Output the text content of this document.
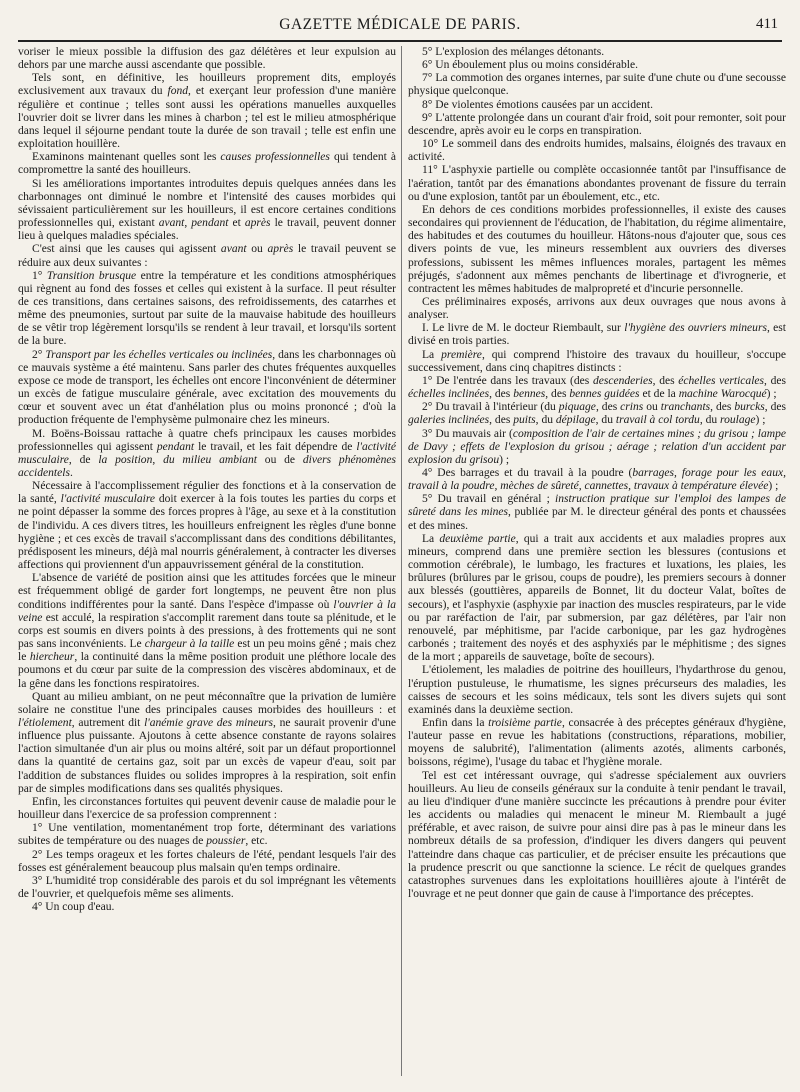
GAZETTE MÉDICALE DE PARIS.	411

voriser le mieux possible la diffusion des gaz délétères et leur expulsion au dehors par une marche aussi ascendante que possible.

Tels sont, en définitive, les houilleurs proprement dits, employés exclusivement aux travaux du fond, et exerçant leur profession d'une manière régulière et continue ; telles sont aussi les opérations manuelles auxquelles l'ouvrier doit se livrer dans les mines à charbon ; tel est le milieu atmosphérique dans lequel il séjourne pendant toute la durée de son travail ; telle est enfin une exploitation houillère.

Examinons maintenant quelles sont les causes professionnelles qui tendent à compromettre la santé des houilleurs.

Si les améliorations importantes introduites depuis quelques années dans les charbonnages ont diminué le nombre et l'intensité des causes morbides qui sévissaient particulièrement sur les houilleurs, il est encore certaines conditions professionnelles qui, existant avant, pendant et après le travail, peuvent donner lieu à quelques maladies spéciales.

C'est ainsi que les causes qui agissent avant ou après le travail peuvent se réduire aux deux suivantes :

1° Transition brusque entre la température et les conditions atmosphériques qui règnent au fond des fosses et celles qui existent à la surface. Il peut résulter de ces transitions, dans certaines saisons, des refroidissements, des catarrhes et même des pneumonies, surtout par suite de la mauvaise habitude des houilleurs de se vêtir trop légèrement lorsqu'ils se rendent à leur travail, et lorsqu'ils sortent de la bure.

2° Transport par les échelles verticales ou inclinées, dans les charbonnages où ce mauvais système a été maintenu. Sans parler des chutes fréquentes auxquelles expose ce mode de transport, les échelles ont encore l'inconvénient de déterminer un excès de fatigue musculaire générale, avec excitation des mouvements du cœur et souvent avec un état d'anhélation plus ou moins prononcé ; d'où la production fréquente de l'emphysème pulmonaire chez les mineurs.

M. Boëns-Boissau rattache à quatre chefs principaux les causes morbides professionnelles qui agissent pendant le travail, et les fait dépendre de l'activité musculaire, de la position, du milieu ambiant ou de divers phénomènes accidentels.

Nécessaire à l'accomplissement régulier des fonctions et à la conservation de la santé, l'activité musculaire doit exercer à la fois toutes les parties du corps et ne point dépasser la somme des forces propres à l'âge, au sexe et à la constitution de l'individu. A ces divers titres, les houilleurs enfreignent les règles d'une bonne hygiène ; et ces excès de travail s'accomplissant dans des conditions débilitantes, prédisposent les mineurs, déjà mal nourris généralement, à contracter les diverses affections qui proviennent d'un appauvrissement général de la constitution.

L'absence de variété de position ainsi que les attitudes forcées que le mineur est fréquemment obligé de garder fort longtemps, ne peuvent être non plus conditions indifférentes pour la santé. Dans l'espèce d'impasse où l'ouvrier à la veine est acculé, la respiration s'accomplit rarement dans toute sa plénitude, et le corps est soumis en divers points à des pressions, à des frottements qui ne sont pas sans inconvénients. Le chargeur à la taille est un peu moins gêné ; mais chez le hiercheur, la continuité dans la même position produit une pléthore locale des poumons et du cœur par suite de la compression des viscères abdominaux, et de la gêne dans les fonctions respiratoires.

Quant au milieu ambiant, on ne peut méconnaître que la privation de lumière solaire ne constitue l'une des principales causes morbides des houilleurs : et l'étiolement, autrement dit l'anémie grave des mineurs, ne saurait provenir d'une influence plus puissante. Ajoutons à cette absence constante de rayons solaires l'action simultanée d'un air plus ou moins altéré, soit par un défaut proportionnel dans la quantité de certains gaz, soit par un excès de vapeur d'eau, soit par l'addition de substances fluides ou solides impropres à la respiration, soit enfin par de simples modifications dans ses qualités physiques.

Enfin, les circonstances fortuites qui peuvent devenir cause de maladie pour le houilleur dans l'exercice de sa profession comprennent :

1° Une ventilation, momentanément trop forte, déterminant des variations subites de température ou des nuages de poussier, etc.

2° Les temps orageux et les fortes chaleurs de l'été, pendant lesquels l'air des fosses est généralement beaucoup plus malsain qu'en temps ordinaire.

3° L'humidité trop considérable des parois et du sol imprégnant les vêtements de l'ouvrier, et quelquefois même ses aliments.

4° Un coup d'eau.

5° L'explosion des mélanges détonants.

6° Un éboulement plus ou moins considérable.

7° La commotion des organes internes, par suite d'une chute ou d'une secousse physique quelconque.

8° De violentes émotions causées par un accident.

9° L'attente prolongée dans un courant d'air froid, soit pour remonter, soit pour descendre, après avoir eu le corps en transpiration.

10° Le sommeil dans des endroits humides, malsains, éloignés des travaux en activité.

11° L'asphyxie partielle ou complète occasionnée tantôt par l'insuffisance de l'aération, tantôt par des émanations abondantes provenant de fissure du terrain ou d'une explosion, tantôt par un éboulement, etc., etc.

En dehors de ces conditions morbides professionnelles, il existe des causes secondaires qui proviennent de l'éducation, de l'habitation, du régime alimentaire, des habitudes et des coutumes du houilleur. Hâtons-nous d'ajouter que, sous ces divers points de vue, les mineurs ressemblent aux ouvriers des diverses professions, subissent les mêmes influences morales, partagent les mêmes préjugés, s'adonnent aux mêmes penchants de libertinage et d'ivrognerie, et contractent les mêmes habitudes de malpropreté et d'incurie personnelle.

Ces préliminaires exposés, arrivons aux deux ouvrages que nous avons à analyser.

I. Le livre de M. le docteur Riembault, sur l'hygiène des ouvriers mineurs, est divisé en trois parties.

La première, qui comprend l'histoire des travaux du houilleur, s'occupe successivement, dans cinq chapitres distincts :

1° De l'entrée dans les travaux (des descenderies, des échelles verticales, des échelles inclinées, des bennes, des bennes guidées et de la machine Warocqué) ;

2° Du travail à l'intérieur (du piquage, des crins ou tranchants, des burcks, des galeries inclinées, des puits, du dépilage, du travail à col tordu, du roulage) ;

3° Du mauvais air (composition de l'air de certaines mines ; du grisou ; lampe de Davy ; effets de l'explosion du grisou ; aérage ; relation d'un accident par explosion du grisou) ;

4° Des barrages et du travail à la poudre (barrages, forage pour les eaux, travail à la poudre, mèches de sûreté, cannettes, travaux à température élevée) ;

5° Du travail en général ; instruction pratique sur l'emploi des lampes de sûreté dans les mines, publiée par M. le directeur général des ponts et chaussées et des mines.

La deuxième partie, qui a trait aux accidents et aux maladies propres aux mineurs, comprend dans une première section les blessures (contusions et commotion cérébrale), le lumbago, les fractures et luxations, les plaies, les brûlures (brûlures par le grisou, coups de poudre), les premiers secours à donner aux blessés (gouttières, appareils de Bonnet, lit du docteur Valat, boîtes de secours), et l'asphyxie (asphyxie par inaction des muscles respirateurs, par le vide ou par raréfaction de l'air, par submersion, par gaz délétères, par l'air non renouvelé, par méphitisme, par l'acide carbonique, par les gaz hydrogènes carbonés ; traitement des noyés et des asphyxiés par le méphitisme ; des signes de la mort ; appareils de sauvetage, boîte de secours).

L'étiolement, les maladies de poitrine des houilleurs, l'hydarthrose du genou, l'éruption pustuleuse, le rhumatisme, les signes précurseurs des maladies, les caisses de secours et les soins médicaux, tels sont les divers sujets qui sont examinés dans la deuxième section.

Enfin dans la troisième partie, consacrée à des préceptes généraux d'hygiène, l'auteur passe en revue les habitations (constructions, réparations, mobilier, moyens de salubrité), l'alimentation (aliments azotés, aliments carbonés, boissons, régime), l'usage du tabac et l'hygiène morale.

Tel est cet intéressant ouvrage, qui s'adresse spécialement aux ouvriers houilleurs. Au lieu de conseils généraux sur la conduite à tenir pendant le travail, au lieu d'indiquer d'une manière succincte les précautions à prendre pour éviter les accidents ou maladies qui menacent le mineur M. Riembault a jugé préférable, et avec raison, de suivre pour ainsi dire pas à pas le mineur dans les nombreux détails de sa profession, d'indiquer les divers dangers qui peuvent l'atteindre dans chaque cas particulier, et de préciser ensuite les précautions que la prudence prescrit ou que sanctionne la science. Le récit de quelques grandes catastrophes survenues dans les exploitations houillières ajoute à l'intérêt de l'ouvrage et ne peut donner que gain de cause à l'importance des préceptes.
